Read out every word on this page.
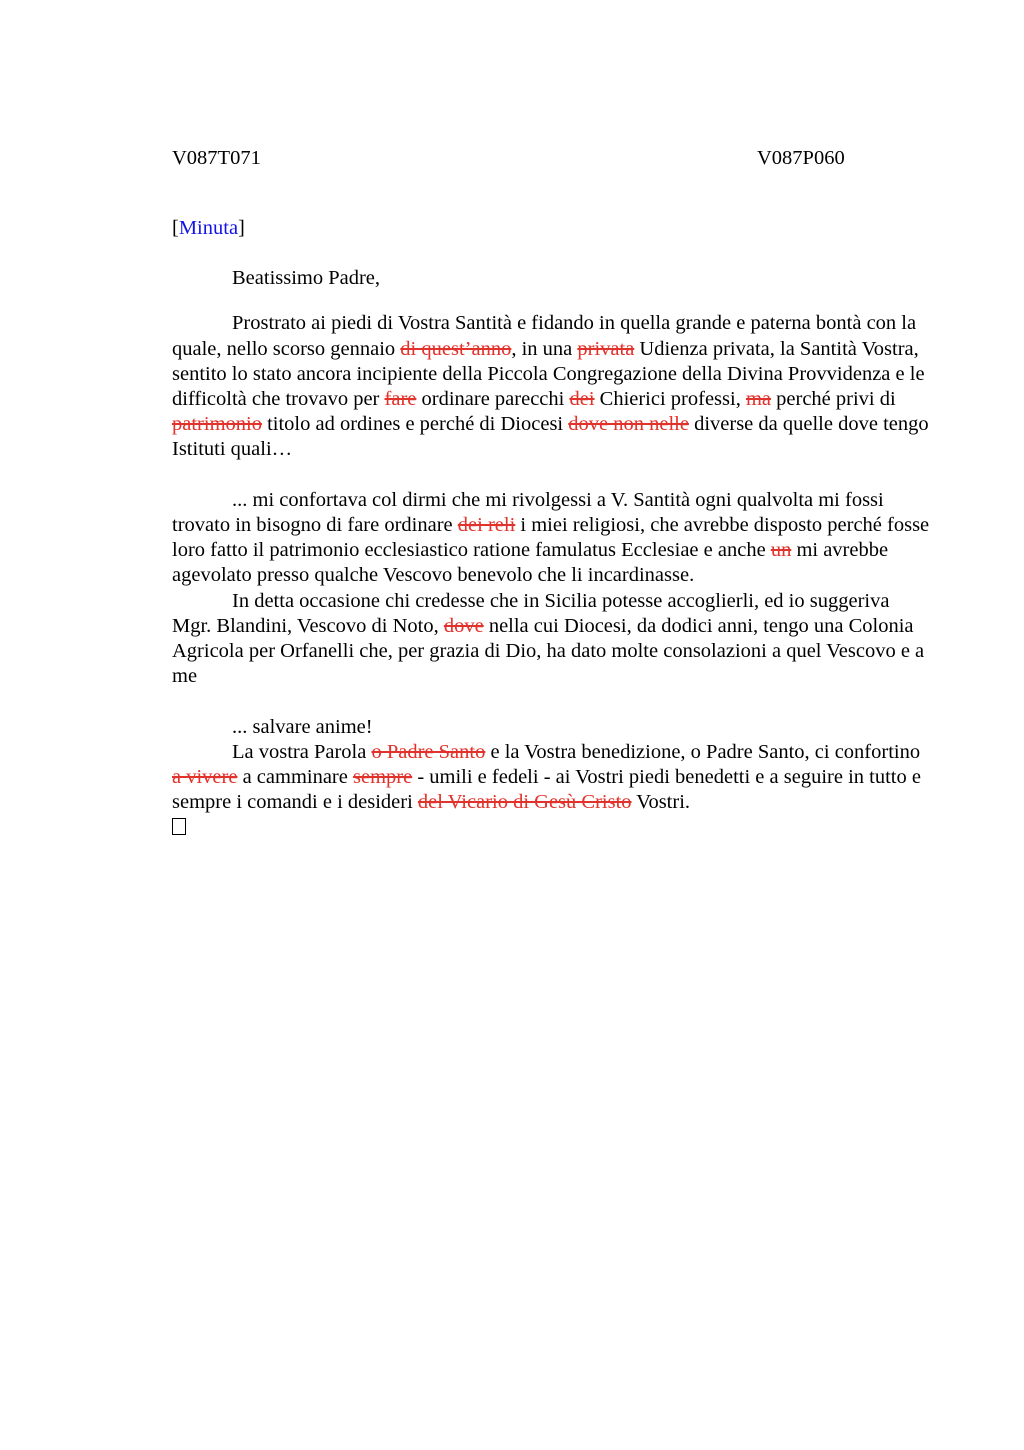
V087T071	V087P060
[Minuta]
Beatissimo Padre,

Prostrato ai piedi di Vostra Santità e fidando in quella grande e paterna bontà con la quale, nello scorso gennaio di quest’anno, in una privata Udienza privata, la Santità Vostra, sentito lo stato ancora incipiente della Piccola Congregazione della Divina Provvidenza e le difficoltà che trovavo per fare ordinare parecchi dei Chierici professi, ma perché privi di patrimonio titolo ad ordines e perché di Diocesi dove non nelle diverse da quelle dove tengo Istituti quali…

... mi confortava col dirmi che mi rivolgessi a V. Santità ogni qualvolta mi fossi trovato in bisogno di fare ordinare dei reli i miei religiosi, che avrebbe disposto perché fosse loro fatto il patrimonio ecclesiastico ratione famulatus Ecclesiae e anche un mi avrebbe agevolato presso qualche Vescovo benevolo che li incardinasse.

In detta occasione chi credesse che in Sicilia potesse accoglierli, ed io suggeriva Mgr. Blandini, Vescovo di Noto, dove nella cui Diocesi, da dodici anni, tengo una Colonia Agricola per Orfanelli che, per grazia di Dio, ha dato molte consolazioni a quel Vescovo e a me

... salvare anime!

La vostra Parola o Padre Santo e la Vostra benedizione, o Padre Santo, ci confortino a vivere a camminare sempre - umili e fedeli - ai Vostri piedi benedetti e a seguire in tutto e sempre i comandi e i desideri del Vicario di Gesù Cristo Vostri.
